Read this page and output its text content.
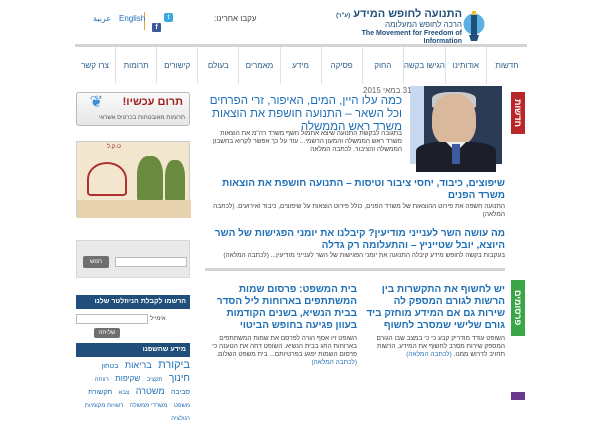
התנועה לחופש המידע (ע"ר)
הרכה לחופש המעלומה
The Movement for Freedom of Information
עקבו אחרינו:
t
f
English
عربية
חדשות
אודותינו
הגישו בקשה
החוק
פסיקה
מידע
מאמרים
בעולם
קישורים
תרומות
צרו קשר
חדשות
31 במאי 2015
כמה עלו היין, המים, האיפור, זרי הפרחים וכל השאר – התנועה חושפת את הוצאות משרד ראש הממשלה
בתגובה לבקשת התנועה שיצא אתמול חשף משרד רה"מ את הוצאות משרד ראש הממשלה והמעון הרשמי... עוד על כך אפשר לקרוא בחשבון הממשלה והציבור. לכתבה המלאה
שיפוצים, כיבוד, יחסי ציבור וטיסות – התנועה חושפת את הוצאות משרד הפנים
התנועה חשפה את פירוט ההוצאות של משרד הפנים, כולל פירוט הוצאות על שיפוצים, כיבוד ואירועים. (לכתבה המלאה)
מה עושה השר לענייני מודיעין? קיבלנו את יומני הפגישות של השר היוצא, יובל שטייניץ – והתעלומה רק גדלה
בעקבות בקשה לחופש מידע קיבלה התנועה את יומני הפגישות של השר לענייני מודיעין... (לכתבה המלאה)
פרסומים
יש לחשוף את התקשרות בין הרשות לגורם המספק לה שירות גם אם המידע מוחזק ביד גורם שלישי שמסרב לחשוף
השופט עודד מודריק קבע כי כי במצב שבו הגורם המספק שירות מסרב לחשוף את המידע, הרשות תחויב לדרוש ממנו. (לכתבה המלאה)
בית המשפט: פרסום שמות המשתתפים בארוחות ליל הסדר בבית הנשיא, בשנים הקודמות בעוון פגיעה בחופש הביטוי
השופט זיו אסף הורה לפרסם את שמות המשתתפים בארוחות החג בבית הנשיא. השופט דחה את הטענה כי פרסום השמות יפגע בפרטיותם... בית משפט השלום. (לכתבה המלאה)
תרום עכשיו!
❦
תרומות מאובטחות בכרטיס אשראי
ט.ק.ל
חפש
הרשמו לקבלת הניוזלטר שלנו
אימייל
שליחה
מידע שחשפנו
ביקורת בריאות בטחון חינוך תקציב שקיפות רווחה סביבה משטרה צבא תקשורת משפט משרדי ממשלה רשויות מקומיות רגולציה
